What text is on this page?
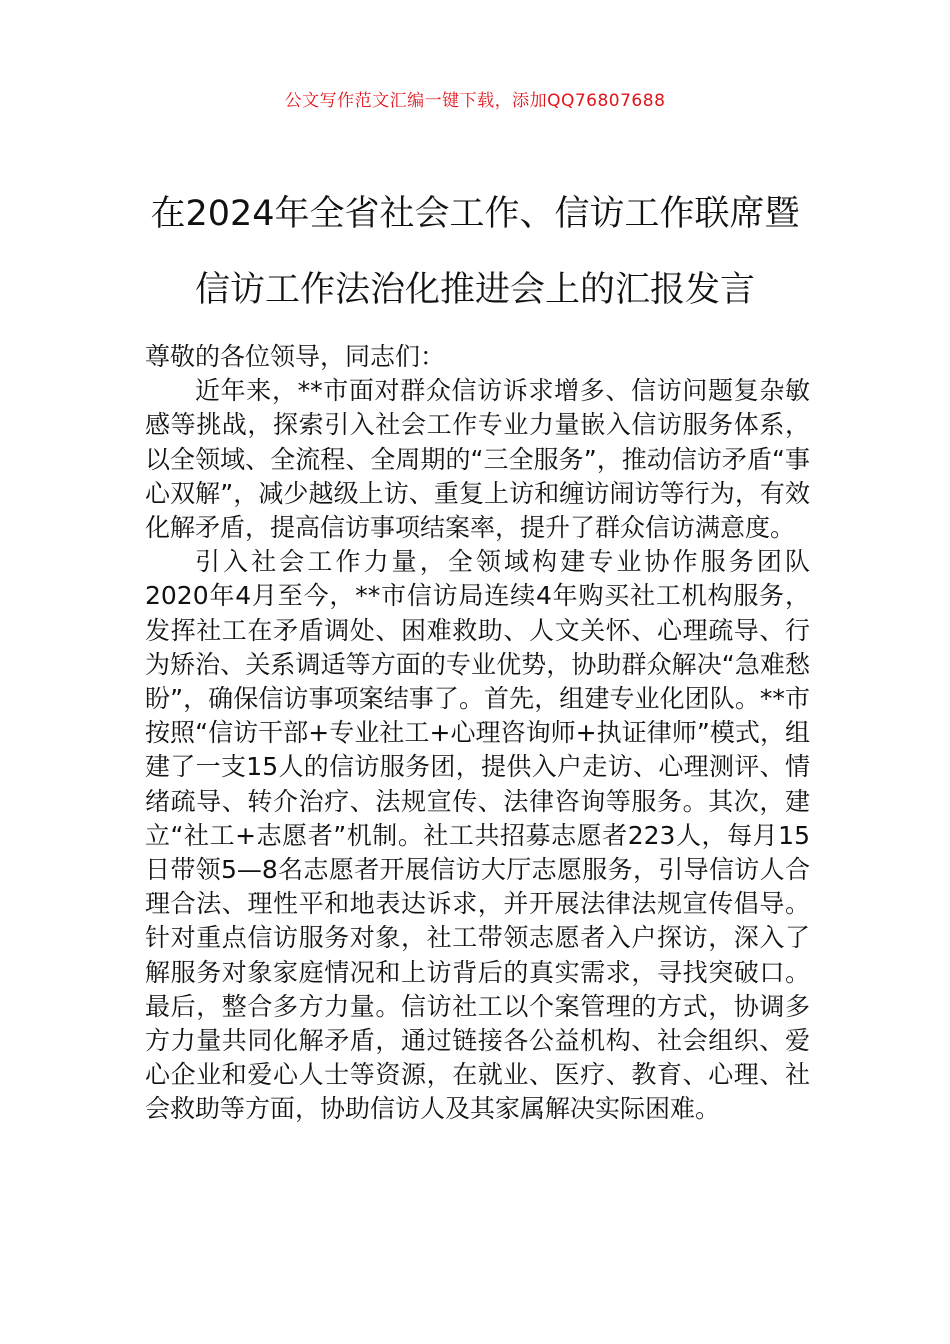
公文写作范文汇编一键下载，添加QQ76807688
在2024年全省社会工作、信访工作联席暨
信访工作法治化推进会上的汇报发言

尊敬的各位领导，同志们：

近年来，**市面对群众信访诉求增多、信访问题复杂敏感等挑战，探索引入社会工作专业力量嵌入信访服务体系，以全领域、全流程、全周期的“三全服务”，推动信访矛盾“事心双解”，减少越级上访、重复上访和缠访闹访等行为，有效化解矛盾，提高信访事项结案率，提升了群众信访满意度。

引入社会工作力量，全领域构建专业协作服务团队 2020年4月至今，**市信访局连续4年购买社工机构服务，发挥社工在矛盾调处、困难救助、人文关怀、心理疏导、行为矫治、关系调适等方面的专业优势，协助群众解决“急难愁盼”，确保信访事项案结事了。首先，组建专业化团队。**市按照“信访干部+专业社工+心理咨询师+执证律师”模式，组建了一支15人的信访服务团，提供入户走访、心理测评、情绪疏导、转介治疗、法规宣传、法律咨询等服务。其次，建立“社工+志愿者”机制。社工共招募志愿者223人，每月15日带领5—8名志愿者开展信访大厅志愿服务，引导信访人合理合法、理性平和地表达诉求，并开展法律法规宣传倡导。针对重点信访服务对象，社工带领志愿者入户探访，深入了解服务对象家庭情况和上访背后的真实需求，寻找突破口。最后，整合多方力量。信访社工以个案管理的方式，协调多方力量共同化解矛盾，通过链接各公益机构、社会组织、爱心企业和爱心人士等资源，在就业、医疗、教育、心理、社会救助等方面，协助信访人及其家属解决实际困难。
